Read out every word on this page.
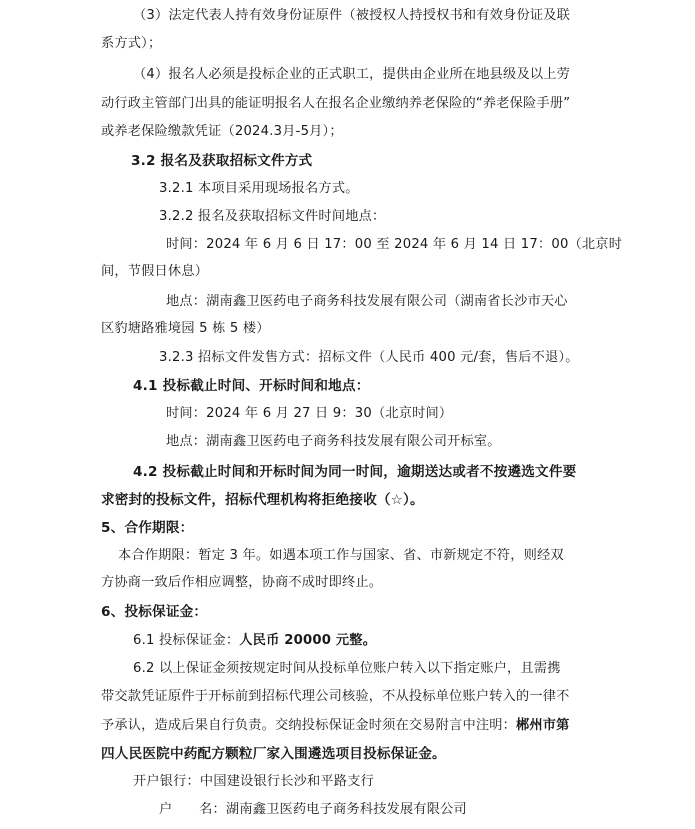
（3）法定代表人持有效身份证原件（被授权人持授权书和有效身份证及联
系方式）；
（4）报名人必须是投标企业的正式职工，提供由企业所在地县级及以上劳
动行政主管部门出具的能证明报名人在报名企业缴纳养老保险的“养老保险手册”
或养老保险缴款凭证（2024.3月-5月）；
3.2 报名及获取招标文件方式
3.2.1 本项目采用现场报名方式。
3.2.2 报名及获取招标文件时间地点：
时间：2024 年 6 月 6 日 17：00 至 2024 年 6 月 14 日 17：00（北京时
间，节假日休息）
地点：湖南鑫卫医药电子商务科技发展有限公司（湖南省长沙市天心
区豹塘路雅境园 5 栋 5 楼）
3.2.3 招标文件发售方式：招标文件（人民币 400 元/套，售后不退）。
4.1 投标截止时间、开标时间和地点：
时间：2024 年 6 月 27 日 9：30（北京时间）
地点：湖南鑫卫医药电子商务科技发展有限公司开标室。
4.2 投标截止时间和开标时间为同一时间，逾期送达或者不按遴选文件要
求密封的投标文件，招标代理机构将拒绝接收（☆）。
5、合作期限：
本合作期限：暂定 3 年。如遇本项工作与国家、省、市新规定不符，则经双
方协商一致后作相应调整，协商不成时即终止。
6、投标保证金：
6.1 投标保证金：人民币 20000 元整。
6.2 以上保证金须按规定时间从投标单位账户转入以下指定账户，且需携
带交款凭证原件于开标前到招标代理公司核验，不从投标单位账户转入的一律不
予承认，造成后果自行负责。交纳投标保证金时须在交易附言中注明：郴州市第
四人民医院中药配方颗粒厂家入围遴选项目投标保证金。
开户银行：中国建设银行长沙和平路支行
户　　名：湖南鑫卫医药电子商务科技发展有限公司
